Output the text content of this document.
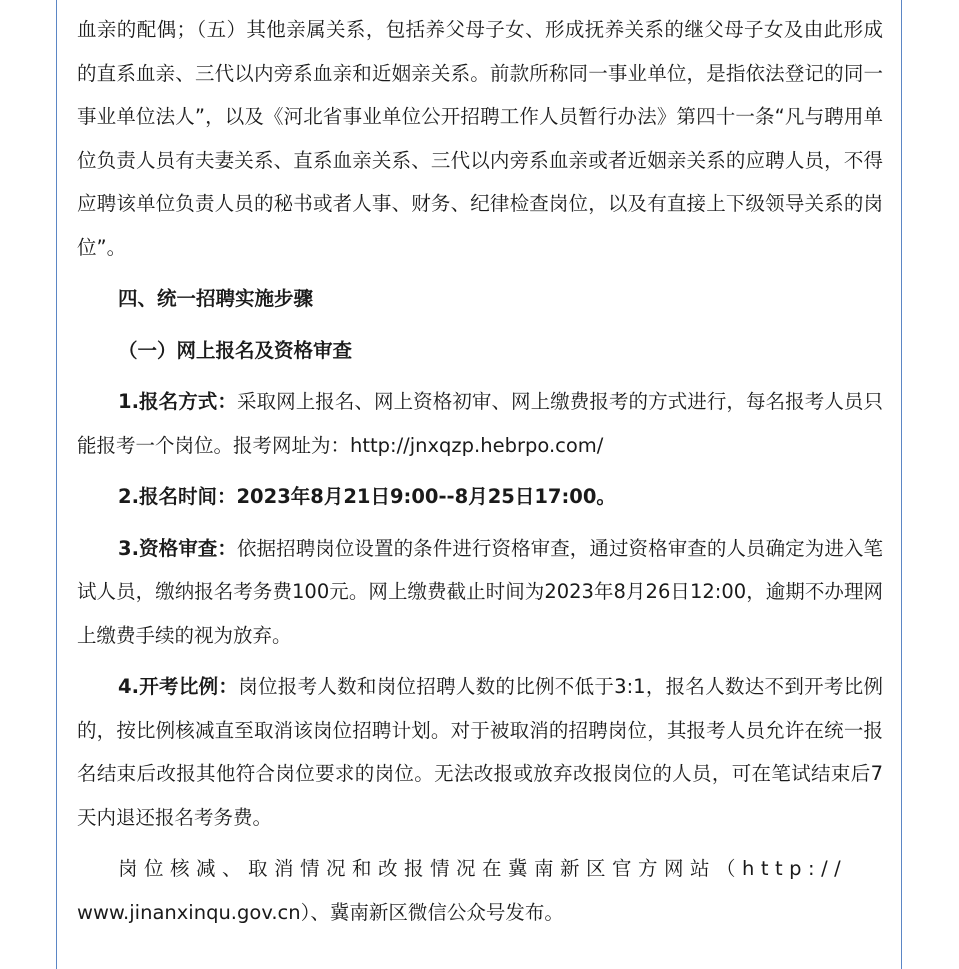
血亲的配偶；（五）其他亲属关系，包括养父母子女、形成抚养关系的继父母子女及由此形成的直系血亲、三代以内旁系血亲和近姻亲关系。前款所称同一事业单位，是指依法登记的同一事业单位法人”，以及《河北省事业单位公开招聘工作人员暂行办法》第四十一条“凡与聘用单位负责人员有夫妻关系、直系血亲关系、三代以内旁系血亲或者近姻亲关系的应聘人员，不得应聘该单位负责人员的秘书或者人事、财务、纪律检查岗位，以及有直接上下级领导关系的岗位”。

四、统一招聘实施步骤

（一）网上报名及资格审查

1.报名方式：采取网上报名、网上资格初审、网上缴费报考的方式进行，每名报考人员只能报考一个岗位。报考网址为：http://jnxqzp.hebrpo.com/

2.报名时间：2023年8月21日9:00--8月25日17:00。

3.资格审查：依据招聘岗位设置的条件进行资格审查，通过资格审查的人员确定为进入笔试人员，缴纳报名考务费100元。网上缴费截止时间为2023年8月26日12:00，逾期不办理网上缴费手续的视为放弃。

4.开考比例：岗位报考人数和岗位招聘人数的比例不低于3:1，报名人数达不到开考比例的，按比例核减直至取消该岗位招聘计划。对于被取消的招聘岗位，其报考人员允许在统一报名结束后改报其他符合岗位要求的岗位。无法改报或放弃改报岗位的人员，可在笔试结束后7天内退还报名考务费。

岗位核减、取消情况和改报情况在冀南新区官方网站（http://
www.jinanxinqu.gov.cn）、冀南新区微信公众号发布。
